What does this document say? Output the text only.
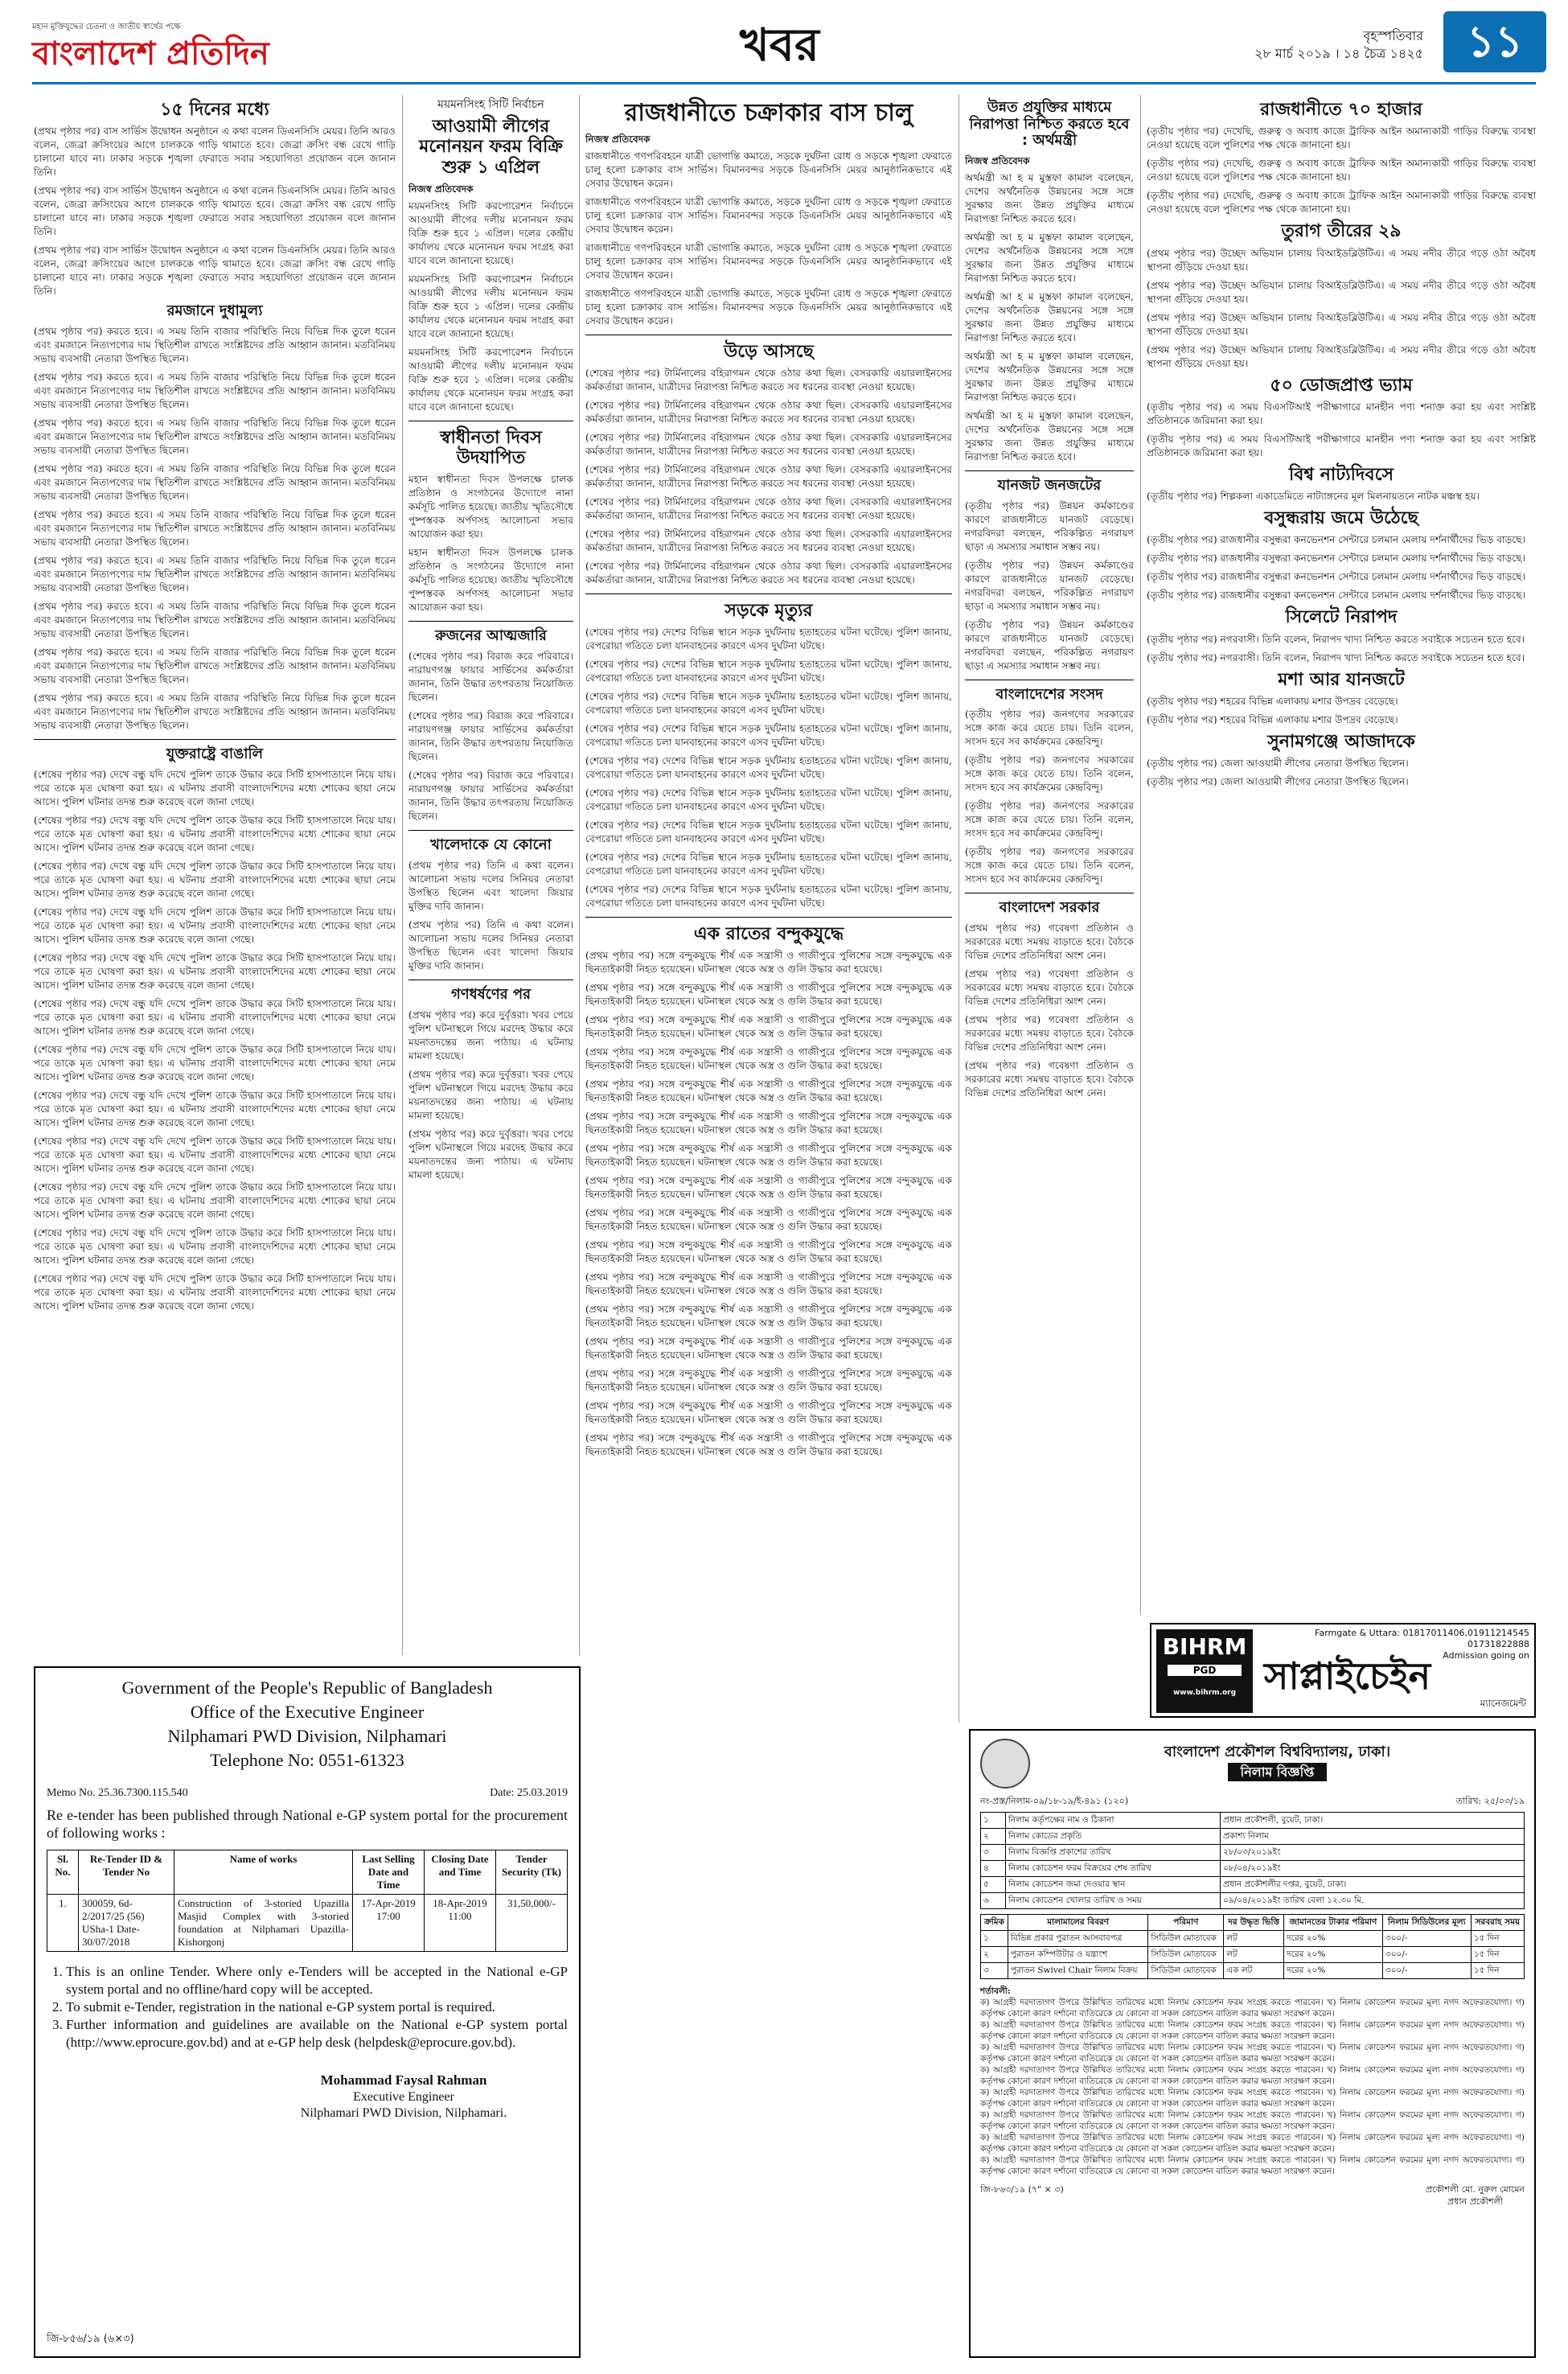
মহান মুক্তিযুদ্ধের চেতনা ও জাতীয় স্বার্থের পক্ষে
বাংলাদেশ প্রতিদিন	খবর	বৃহস্পতিবার
২৮ মার্চ ২০১৯ । ১৪ চৈত্র ১৪২৫ ১১
১৫ দিনের মধ্যে

(প্রথম পৃষ্ঠার পর) বাস সার্ভিস উদ্বোধন অনুষ্ঠানে এ কথা বলেন ডিএনসিসি মেয়র। তিনি আরও বলেন, জেব্রা ক্রসিংয়ের আগে চালককে গাড়ি থামাতে হবে। জেব্রা ক্রসিং বন্ধ রেখে গাড়ি চালানো যাবে না। ঢাকার সড়কে শৃঙ্খলা ফেরাতে সবার সহযোগিতা প্রয়োজন বলে জানান তিনি।

(প্রথম পৃষ্ঠার পর) বাস সার্ভিস উদ্বোধন অনুষ্ঠানে এ কথা বলেন ডিএনসিসি মেয়র। তিনি আরও বলেন, জেব্রা ক্রসিংয়ের আগে চালককে গাড়ি থামাতে হবে। জেব্রা ক্রসিং বন্ধ রেখে গাড়ি চালানো যাবে না। ঢাকার সড়কে শৃঙ্খলা ফেরাতে সবার সহযোগিতা প্রয়োজন বলে জানান তিনি।

(প্রথম পৃষ্ঠার পর) বাস সার্ভিস উদ্বোধন অনুষ্ঠানে এ কথা বলেন ডিএনসিসি মেয়র। তিনি আরও বলেন, জেব্রা ক্রসিংয়ের আগে চালককে গাড়ি থামাতে হবে। জেব্রা ক্রসিং বন্ধ রেখে গাড়ি চালানো যাবে না। ঢাকার সড়কে শৃঙ্খলা ফেরাতে সবার সহযোগিতা প্রয়োজন বলে জানান তিনি।

রমজানে দুধামুল্য

(প্রথম পৃষ্ঠার পর) করতে হবে। এ সময় তিনি বাজার পরিস্থিতি নিয়ে বিভিন্ন দিক তুলে ধরেন এবং রমজানে নিত্যপণ্যের দাম স্থিতিশীল রাখতে সংশ্লিষ্টদের প্রতি আহ্বান জানান। মতবিনিময় সভায় ব্যবসায়ী নেতারা উপস্থিত ছিলেন।

(প্রথম পৃষ্ঠার পর) করতে হবে। এ সময় তিনি বাজার পরিস্থিতি নিয়ে বিভিন্ন দিক তুলে ধরেন এবং রমজানে নিত্যপণ্যের দাম স্থিতিশীল রাখতে সংশ্লিষ্টদের প্রতি আহ্বান জানান। মতবিনিময় সভায় ব্যবসায়ী নেতারা উপস্থিত ছিলেন।

(প্রথম পৃষ্ঠার পর) করতে হবে। এ সময় তিনি বাজার পরিস্থিতি নিয়ে বিভিন্ন দিক তুলে ধরেন এবং রমজানে নিত্যপণ্যের দাম স্থিতিশীল রাখতে সংশ্লিষ্টদের প্রতি আহ্বান জানান। মতবিনিময় সভায় ব্যবসায়ী নেতারা উপস্থিত ছিলেন।

(প্রথম পৃষ্ঠার পর) করতে হবে। এ সময় তিনি বাজার পরিস্থিতি নিয়ে বিভিন্ন দিক তুলে ধরেন এবং রমজানে নিত্যপণ্যের দাম স্থিতিশীল রাখতে সংশ্লিষ্টদের প্রতি আহ্বান জানান। মতবিনিময় সভায় ব্যবসায়ী নেতারা উপস্থিত ছিলেন।

(প্রথম পৃষ্ঠার পর) করতে হবে। এ সময় তিনি বাজার পরিস্থিতি নিয়ে বিভিন্ন দিক তুলে ধরেন এবং রমজানে নিত্যপণ্যের দাম স্থিতিশীল রাখতে সংশ্লিষ্টদের প্রতি আহ্বান জানান। মতবিনিময় সভায় ব্যবসায়ী নেতারা উপস্থিত ছিলেন।

(প্রথম পৃষ্ঠার পর) করতে হবে। এ সময় তিনি বাজার পরিস্থিতি নিয়ে বিভিন্ন দিক তুলে ধরেন এবং রমজানে নিত্যপণ্যের দাম স্থিতিশীল রাখতে সংশ্লিষ্টদের প্রতি আহ্বান জানান। মতবিনিময় সভায় ব্যবসায়ী নেতারা উপস্থিত ছিলেন।

(প্রথম পৃষ্ঠার পর) করতে হবে। এ সময় তিনি বাজার পরিস্থিতি নিয়ে বিভিন্ন দিক তুলে ধরেন এবং রমজানে নিত্যপণ্যের দাম স্থিতিশীল রাখতে সংশ্লিষ্টদের প্রতি আহ্বান জানান। মতবিনিময় সভায় ব্যবসায়ী নেতারা উপস্থিত ছিলেন।

(প্রথম পৃষ্ঠার পর) করতে হবে। এ সময় তিনি বাজার পরিস্থিতি নিয়ে বিভিন্ন দিক তুলে ধরেন এবং রমজানে নিত্যপণ্যের দাম স্থিতিশীল রাখতে সংশ্লিষ্টদের প্রতি আহ্বান জানান। মতবিনিময় সভায় ব্যবসায়ী নেতারা উপস্থিত ছিলেন।

(প্রথম পৃষ্ঠার পর) করতে হবে। এ সময় তিনি বাজার পরিস্থিতি নিয়ে বিভিন্ন দিক তুলে ধরেন এবং রমজানে নিত্যপণ্যের দাম স্থিতিশীল রাখতে সংশ্লিষ্টদের প্রতি আহ্বান জানান। মতবিনিময় সভায় ব্যবসায়ী নেতারা উপস্থিত ছিলেন।

যুক্তরাষ্ট্রে বাঙালি

(শেষের পৃষ্ঠার পর) দেখে বন্ধু যদি দেখে পুলিশ তাকে উদ্ধার করে সিটি হাসপাতালে নিয়ে যায়। পরে তাকে মৃত ঘোষণা করা হয়। এ ঘটনায় প্রবাসী বাংলাদেশিদের মধ্যে শোকের ছায়া নেমে আসে। পুলিশ ঘটনার তদন্ত শুরু করেছে বলে জানা গেছে।

(শেষের পৃষ্ঠার পর) দেখে বন্ধু যদি দেখে পুলিশ তাকে উদ্ধার করে সিটি হাসপাতালে নিয়ে যায়। পরে তাকে মৃত ঘোষণা করা হয়। এ ঘটনায় প্রবাসী বাংলাদেশিদের মধ্যে শোকের ছায়া নেমে আসে। পুলিশ ঘটনার তদন্ত শুরু করেছে বলে জানা গেছে।

(শেষের পৃষ্ঠার পর) দেখে বন্ধু যদি দেখে পুলিশ তাকে উদ্ধার করে সিটি হাসপাতালে নিয়ে যায়। পরে তাকে মৃত ঘোষণা করা হয়। এ ঘটনায় প্রবাসী বাংলাদেশিদের মধ্যে শোকের ছায়া নেমে আসে। পুলিশ ঘটনার তদন্ত শুরু করেছে বলে জানা গেছে।

(শেষের পৃষ্ঠার পর) দেখে বন্ধু যদি দেখে পুলিশ তাকে উদ্ধার করে সিটি হাসপাতালে নিয়ে যায়। পরে তাকে মৃত ঘোষণা করা হয়। এ ঘটনায় প্রবাসী বাংলাদেশিদের মধ্যে শোকের ছায়া নেমে আসে। পুলিশ ঘটনার তদন্ত শুরু করেছে বলে জানা গেছে।

(শেষের পৃষ্ঠার পর) দেখে বন্ধু যদি দেখে পুলিশ তাকে উদ্ধার করে সিটি হাসপাতালে নিয়ে যায়। পরে তাকে মৃত ঘোষণা করা হয়। এ ঘটনায় প্রবাসী বাংলাদেশিদের মধ্যে শোকের ছায়া নেমে আসে। পুলিশ ঘটনার তদন্ত শুরু করেছে বলে জানা গেছে।

(শেষের পৃষ্ঠার পর) দেখে বন্ধু যদি দেখে পুলিশ তাকে উদ্ধার করে সিটি হাসপাতালে নিয়ে যায়। পরে তাকে মৃত ঘোষণা করা হয়। এ ঘটনায় প্রবাসী বাংলাদেশিদের মধ্যে শোকের ছায়া নেমে আসে। পুলিশ ঘটনার তদন্ত শুরু করেছে বলে জানা গেছে।

(শেষের পৃষ্ঠার পর) দেখে বন্ধু যদি দেখে পুলিশ তাকে উদ্ধার করে সিটি হাসপাতালে নিয়ে যায়। পরে তাকে মৃত ঘোষণা করা হয়। এ ঘটনায় প্রবাসী বাংলাদেশিদের মধ্যে শোকের ছায়া নেমে আসে। পুলিশ ঘটনার তদন্ত শুরু করেছে বলে জানা গেছে।

(শেষের পৃষ্ঠার পর) দেখে বন্ধু যদি দেখে পুলিশ তাকে উদ্ধার করে সিটি হাসপাতালে নিয়ে যায়। পরে তাকে মৃত ঘোষণা করা হয়। এ ঘটনায় প্রবাসী বাংলাদেশিদের মধ্যে শোকের ছায়া নেমে আসে। পুলিশ ঘটনার তদন্ত শুরু করেছে বলে জানা গেছে।

(শেষের পৃষ্ঠার পর) দেখে বন্ধু যদি দেখে পুলিশ তাকে উদ্ধার করে সিটি হাসপাতালে নিয়ে যায়। পরে তাকে মৃত ঘোষণা করা হয়। এ ঘটনায় প্রবাসী বাংলাদেশিদের মধ্যে শোকের ছায়া নেমে আসে। পুলিশ ঘটনার তদন্ত শুরু করেছে বলে জানা গেছে।

(শেষের পৃষ্ঠার পর) দেখে বন্ধু যদি দেখে পুলিশ তাকে উদ্ধার করে সিটি হাসপাতালে নিয়ে যায়। পরে তাকে মৃত ঘোষণা করা হয়। এ ঘটনায় প্রবাসী বাংলাদেশিদের মধ্যে শোকের ছায়া নেমে আসে। পুলিশ ঘটনার তদন্ত শুরু করেছে বলে জানা গেছে।

(শেষের পৃষ্ঠার পর) দেখে বন্ধু যদি দেখে পুলিশ তাকে উদ্ধার করে সিটি হাসপাতালে নিয়ে যায়। পরে তাকে মৃত ঘোষণা করা হয়। এ ঘটনায় প্রবাসী বাংলাদেশিদের মধ্যে শোকের ছায়া নেমে আসে। পুলিশ ঘটনার তদন্ত শুরু করেছে বলে জানা গেছে।

(শেষের পৃষ্ঠার পর) দেখে বন্ধু যদি দেখে পুলিশ তাকে উদ্ধার করে সিটি হাসপাতালে নিয়ে যায়। পরে তাকে মৃত ঘোষণা করা হয়। এ ঘটনায় প্রবাসী বাংলাদেশিদের মধ্যে শোকের ছায়া নেমে আসে। পুলিশ ঘটনার তদন্ত শুরু করেছে বলে জানা গেছে।

ময়মনসিংহ সিটি নির্বাচন
আওয়ামী লীগের মনোনয়ন ফরম বিক্রি শুরু ১ এপ্রিল
নিজস্ব প্রতিবেদক

ময়মনসিংহ সিটি করপোরেশন নির্বাচনে আওয়ামী লীগের দলীয় মনোনয়ন ফরম বিক্রি শুরু হবে ১ এপ্রিল। দলের কেন্দ্রীয় কার্যালয় থেকে মনোনয়ন ফরম সংগ্রহ করা যাবে বলে জানানো হয়েছে।

ময়মনসিংহ সিটি করপোরেশন নির্বাচনে আওয়ামী লীগের দলীয় মনোনয়ন ফরম বিক্রি শুরু হবে ১ এপ্রিল। দলের কেন্দ্রীয় কার্যালয় থেকে মনোনয়ন ফরম সংগ্রহ করা যাবে বলে জানানো হয়েছে।

ময়মনসিংহ সিটি করপোরেশন নির্বাচনে আওয়ামী লীগের দলীয় মনোনয়ন ফরম বিক্রি শুরু হবে ১ এপ্রিল। দলের কেন্দ্রীয় কার্যালয় থেকে মনোনয়ন ফরম সংগ্রহ করা যাবে বলে জানানো হয়েছে।

স্বাধীনতা দিবস উদযাপিত

মহান স্বাধীনতা দিবস উপলক্ষে চালক প্রতিষ্ঠান ও সংগঠনের উদ্যোগে নানা কর্মসূচি পালিত হয়েছে। জাতীয় স্মৃতিসৌধে পুষ্পস্তবক অর্পণসহ আলোচনা সভার আয়োজন করা হয়।

মহান স্বাধীনতা দিবস উপলক্ষে চালক প্রতিষ্ঠান ও সংগঠনের উদ্যোগে নানা কর্মসূচি পালিত হয়েছে। জাতীয় স্মৃতিসৌধে পুষ্পস্তবক অর্পণসহ আলোচনা সভার আয়োজন করা হয়।

রুজনের আত্মজারি

(শেষের পৃষ্ঠার পর) বিরাজ করে পরিবারে। নারায়ণগঞ্জ ফায়ার সার্ভিসের কর্মকর্তারা জানান, তিনি উদ্ধার তৎপরতায় নিয়োজিত ছিলেন।

(শেষের পৃষ্ঠার পর) বিরাজ করে পরিবারে। নারায়ণগঞ্জ ফায়ার সার্ভিসের কর্মকর্তারা জানান, তিনি উদ্ধার তৎপরতায় নিয়োজিত ছিলেন।

(শেষের পৃষ্ঠার পর) বিরাজ করে পরিবারে। নারায়ণগঞ্জ ফায়ার সার্ভিসের কর্মকর্তারা জানান, তিনি উদ্ধার তৎপরতায় নিয়োজিত ছিলেন।

খালেদাকে যে কোনো

(প্রথম পৃষ্ঠার পর) তিনি এ কথা বলেন। আলোচনা সভায় দলের সিনিয়র নেতারা উপস্থিত ছিলেন এবং খালেদা জিয়ার মুক্তির দাবি জানান।

(প্রথম পৃষ্ঠার পর) তিনি এ কথা বলেন। আলোচনা সভায় দলের সিনিয়র নেতারা উপস্থিত ছিলেন এবং খালেদা জিয়ার মুক্তির দাবি জানান।

গণধর্ষণের পর

(প্রথম পৃষ্ঠার পর) করে দুর্বৃত্তরা। খবর পেয়ে পুলিশ ঘটনাস্থলে গিয়ে মরদেহ উদ্ধার করে ময়নাতদন্তের জন্য পাঠায়। এ ঘটনায় মামলা হয়েছে।

(প্রথম পৃষ্ঠার পর) করে দুর্বৃত্তরা। খবর পেয়ে পুলিশ ঘটনাস্থলে গিয়ে মরদেহ উদ্ধার করে ময়নাতদন্তের জন্য পাঠায়। এ ঘটনায় মামলা হয়েছে।

(প্রথম পৃষ্ঠার পর) করে দুর্বৃত্তরা। খবর পেয়ে পুলিশ ঘটনাস্থলে গিয়ে মরদেহ উদ্ধার করে ময়নাতদন্তের জন্য পাঠায়। এ ঘটনায় মামলা হয়েছে।

রাজধানীতে চক্রাকার বাস চালু
নিজস্ব প্রতিবেদক

রাজধানীতে গণপরিবহনে যাত্রী ভোগান্তি কমাতে, সড়কে দুর্ঘটনা রোধ ও সড়কে শৃঙ্খলা ফেরাতে চালু হলো চক্রাকার বাস সার্ভিস। বিমানবন্দর সড়কে ডিএনসিসি মেয়র আনুষ্ঠানিকভাবে এই সেবার উদ্বোধন করেন।

রাজধানীতে গণপরিবহনে যাত্রী ভোগান্তি কমাতে, সড়কে দুর্ঘটনা রোধ ও সড়কে শৃঙ্খলা ফেরাতে চালু হলো চক্রাকার বাস সার্ভিস। বিমানবন্দর সড়কে ডিএনসিসি মেয়র আনুষ্ঠানিকভাবে এই সেবার উদ্বোধন করেন।

রাজধানীতে গণপরিবহনে যাত্রী ভোগান্তি কমাতে, সড়কে দুর্ঘটনা রোধ ও সড়কে শৃঙ্খলা ফেরাতে চালু হলো চক্রাকার বাস সার্ভিস। বিমানবন্দর সড়কে ডিএনসিসি মেয়র আনুষ্ঠানিকভাবে এই সেবার উদ্বোধন করেন।

রাজধানীতে গণপরিবহনে যাত্রী ভোগান্তি কমাতে, সড়কে দুর্ঘটনা রোধ ও সড়কে শৃঙ্খলা ফেরাতে চালু হলো চক্রাকার বাস সার্ভিস। বিমানবন্দর সড়কে ডিএনসিসি মেয়র আনুষ্ঠানিকভাবে এই সেবার উদ্বোধন করেন।

উড়ে আসছে

(শেষের পৃষ্ঠার পর) টার্মিনালের বহিরাগমন থেকে ওঠার কথা ছিল। বেসরকারি এয়ারলাইনসের কর্মকর্তারা জানান, যাত্রীদের নিরাপত্তা নিশ্চিত করতে সব ধরনের ব্যবস্থা নেওয়া হয়েছে।

(শেষের পৃষ্ঠার পর) টার্মিনালের বহিরাগমন থেকে ওঠার কথা ছিল। বেসরকারি এয়ারলাইনসের কর্মকর্তারা জানান, যাত্রীদের নিরাপত্তা নিশ্চিত করতে সব ধরনের ব্যবস্থা নেওয়া হয়েছে।

(শেষের পৃষ্ঠার পর) টার্মিনালের বহিরাগমন থেকে ওঠার কথা ছিল। বেসরকারি এয়ারলাইনসের কর্মকর্তারা জানান, যাত্রীদের নিরাপত্তা নিশ্চিত করতে সব ধরনের ব্যবস্থা নেওয়া হয়েছে।

(শেষের পৃষ্ঠার পর) টার্মিনালের বহিরাগমন থেকে ওঠার কথা ছিল। বেসরকারি এয়ারলাইনসের কর্মকর্তারা জানান, যাত্রীদের নিরাপত্তা নিশ্চিত করতে সব ধরনের ব্যবস্থা নেওয়া হয়েছে।

(শেষের পৃষ্ঠার পর) টার্মিনালের বহিরাগমন থেকে ওঠার কথা ছিল। বেসরকারি এয়ারলাইনসের কর্মকর্তারা জানান, যাত্রীদের নিরাপত্তা নিশ্চিত করতে সব ধরনের ব্যবস্থা নেওয়া হয়েছে।

(শেষের পৃষ্ঠার পর) টার্মিনালের বহিরাগমন থেকে ওঠার কথা ছিল। বেসরকারি এয়ারলাইনসের কর্মকর্তারা জানান, যাত্রীদের নিরাপত্তা নিশ্চিত করতে সব ধরনের ব্যবস্থা নেওয়া হয়েছে।

(শেষের পৃষ্ঠার পর) টার্মিনালের বহিরাগমন থেকে ওঠার কথা ছিল। বেসরকারি এয়ারলাইনসের কর্মকর্তারা জানান, যাত্রীদের নিরাপত্তা নিশ্চিত করতে সব ধরনের ব্যবস্থা নেওয়া হয়েছে।

সড়কে মৃত্যুর

(শেষের পৃষ্ঠার পর) দেশের বিভিন্ন স্থানে সড়ক দুর্ঘটনায় হতাহতের ঘটনা ঘটেছে। পুলিশ জানায়, বেপরোয়া গতিতে চলা যানবাহনের কারণে এসব দুর্ঘটনা ঘটছে।

(শেষের পৃষ্ঠার পর) দেশের বিভিন্ন স্থানে সড়ক দুর্ঘটনায় হতাহতের ঘটনা ঘটেছে। পুলিশ জানায়, বেপরোয়া গতিতে চলা যানবাহনের কারণে এসব দুর্ঘটনা ঘটছে।

(শেষের পৃষ্ঠার পর) দেশের বিভিন্ন স্থানে সড়ক দুর্ঘটনায় হতাহতের ঘটনা ঘটেছে। পুলিশ জানায়, বেপরোয়া গতিতে চলা যানবাহনের কারণে এসব দুর্ঘটনা ঘটছে।

(শেষের পৃষ্ঠার পর) দেশের বিভিন্ন স্থানে সড়ক দুর্ঘটনায় হতাহতের ঘটনা ঘটেছে। পুলিশ জানায়, বেপরোয়া গতিতে চলা যানবাহনের কারণে এসব দুর্ঘটনা ঘটছে।

(শেষের পৃষ্ঠার পর) দেশের বিভিন্ন স্থানে সড়ক দুর্ঘটনায় হতাহতের ঘটনা ঘটেছে। পুলিশ জানায়, বেপরোয়া গতিতে চলা যানবাহনের কারণে এসব দুর্ঘটনা ঘটছে।

(শেষের পৃষ্ঠার পর) দেশের বিভিন্ন স্থানে সড়ক দুর্ঘটনায় হতাহতের ঘটনা ঘটেছে। পুলিশ জানায়, বেপরোয়া গতিতে চলা যানবাহনের কারণে এসব দুর্ঘটনা ঘটছে।

(শেষের পৃষ্ঠার পর) দেশের বিভিন্ন স্থানে সড়ক দুর্ঘটনায় হতাহতের ঘটনা ঘটেছে। পুলিশ জানায়, বেপরোয়া গতিতে চলা যানবাহনের কারণে এসব দুর্ঘটনা ঘটছে।

(শেষের পৃষ্ঠার পর) দেশের বিভিন্ন স্থানে সড়ক দুর্ঘটনায় হতাহতের ঘটনা ঘটেছে। পুলিশ জানায়, বেপরোয়া গতিতে চলা যানবাহনের কারণে এসব দুর্ঘটনা ঘটছে।

(শেষের পৃষ্ঠার পর) দেশের বিভিন্ন স্থানে সড়ক দুর্ঘটনায় হতাহতের ঘটনা ঘটেছে। পুলিশ জানায়, বেপরোয়া গতিতে চলা যানবাহনের কারণে এসব দুর্ঘটনা ঘটছে।

এক রাতের বন্দুকযুদ্ধে

(প্রথম পৃষ্ঠার পর) সঙ্গে বন্দুকযুদ্ধে শীর্ষ এক সন্ত্রাসী ও গাজীপুরে পুলিশের সঙ্গে বন্দুকযুদ্ধে এক ছিনতাইকারী নিহত হয়েছেন। ঘটনাস্থল থেকে অস্ত্র ও গুলি উদ্ধার করা হয়েছে।

(প্রথম পৃষ্ঠার পর) সঙ্গে বন্দুকযুদ্ধে শীর্ষ এক সন্ত্রাসী ও গাজীপুরে পুলিশের সঙ্গে বন্দুকযুদ্ধে এক ছিনতাইকারী নিহত হয়েছেন। ঘটনাস্থল থেকে অস্ত্র ও গুলি উদ্ধার করা হয়েছে।

(প্রথম পৃষ্ঠার পর) সঙ্গে বন্দুকযুদ্ধে শীর্ষ এক সন্ত্রাসী ও গাজীপুরে পুলিশের সঙ্গে বন্দুকযুদ্ধে এক ছিনতাইকারী নিহত হয়েছেন। ঘটনাস্থল থেকে অস্ত্র ও গুলি উদ্ধার করা হয়েছে।

(প্রথম পৃষ্ঠার পর) সঙ্গে বন্দুকযুদ্ধে শীর্ষ এক সন্ত্রাসী ও গাজীপুরে পুলিশের সঙ্গে বন্দুকযুদ্ধে এক ছিনতাইকারী নিহত হয়েছেন। ঘটনাস্থল থেকে অস্ত্র ও গুলি উদ্ধার করা হয়েছে।

(প্রথম পৃষ্ঠার পর) সঙ্গে বন্দুকযুদ্ধে শীর্ষ এক সন্ত্রাসী ও গাজীপুরে পুলিশের সঙ্গে বন্দুকযুদ্ধে এক ছিনতাইকারী নিহত হয়েছেন। ঘটনাস্থল থেকে অস্ত্র ও গুলি উদ্ধার করা হয়েছে।

(প্রথম পৃষ্ঠার পর) সঙ্গে বন্দুকযুদ্ধে শীর্ষ এক সন্ত্রাসী ও গাজীপুরে পুলিশের সঙ্গে বন্দুকযুদ্ধে এক ছিনতাইকারী নিহত হয়েছেন। ঘটনাস্থল থেকে অস্ত্র ও গুলি উদ্ধার করা হয়েছে।

(প্রথম পৃষ্ঠার পর) সঙ্গে বন্দুকযুদ্ধে শীর্ষ এক সন্ত্রাসী ও গাজীপুরে পুলিশের সঙ্গে বন্দুকযুদ্ধে এক ছিনতাইকারী নিহত হয়েছেন। ঘটনাস্থল থেকে অস্ত্র ও গুলি উদ্ধার করা হয়েছে।

(প্রথম পৃষ্ঠার পর) সঙ্গে বন্দুকযুদ্ধে শীর্ষ এক সন্ত্রাসী ও গাজীপুরে পুলিশের সঙ্গে বন্দুকযুদ্ধে এক ছিনতাইকারী নিহত হয়েছেন। ঘটনাস্থল থেকে অস্ত্র ও গুলি উদ্ধার করা হয়েছে।

(প্রথম পৃষ্ঠার পর) সঙ্গে বন্দুকযুদ্ধে শীর্ষ এক সন্ত্রাসী ও গাজীপুরে পুলিশের সঙ্গে বন্দুকযুদ্ধে এক ছিনতাইকারী নিহত হয়েছেন। ঘটনাস্থল থেকে অস্ত্র ও গুলি উদ্ধার করা হয়েছে।

(প্রথম পৃষ্ঠার পর) সঙ্গে বন্দুকযুদ্ধে শীর্ষ এক সন্ত্রাসী ও গাজীপুরে পুলিশের সঙ্গে বন্দুকযুদ্ধে এক ছিনতাইকারী নিহত হয়েছেন। ঘটনাস্থল থেকে অস্ত্র ও গুলি উদ্ধার করা হয়েছে।

(প্রথম পৃষ্ঠার পর) সঙ্গে বন্দুকযুদ্ধে শীর্ষ এক সন্ত্রাসী ও গাজীপুরে পুলিশের সঙ্গে বন্দুকযুদ্ধে এক ছিনতাইকারী নিহত হয়েছেন। ঘটনাস্থল থেকে অস্ত্র ও গুলি উদ্ধার করা হয়েছে।

(প্রথম পৃষ্ঠার পর) সঙ্গে বন্দুকযুদ্ধে শীর্ষ এক সন্ত্রাসী ও গাজীপুরে পুলিশের সঙ্গে বন্দুকযুদ্ধে এক ছিনতাইকারী নিহত হয়েছেন। ঘটনাস্থল থেকে অস্ত্র ও গুলি উদ্ধার করা হয়েছে।

(প্রথম পৃষ্ঠার পর) সঙ্গে বন্দুকযুদ্ধে শীর্ষ এক সন্ত্রাসী ও গাজীপুরে পুলিশের সঙ্গে বন্দুকযুদ্ধে এক ছিনতাইকারী নিহত হয়েছেন। ঘটনাস্থল থেকে অস্ত্র ও গুলি উদ্ধার করা হয়েছে।

(প্রথম পৃষ্ঠার পর) সঙ্গে বন্দুকযুদ্ধে শীর্ষ এক সন্ত্রাসী ও গাজীপুরে পুলিশের সঙ্গে বন্দুকযুদ্ধে এক ছিনতাইকারী নিহত হয়েছেন। ঘটনাস্থল থেকে অস্ত্র ও গুলি উদ্ধার করা হয়েছে।

(প্রথম পৃষ্ঠার পর) সঙ্গে বন্দুকযুদ্ধে শীর্ষ এক সন্ত্রাসী ও গাজীপুরে পুলিশের সঙ্গে বন্দুকযুদ্ধে এক ছিনতাইকারী নিহত হয়েছেন। ঘটনাস্থল থেকে অস্ত্র ও গুলি উদ্ধার করা হয়েছে।

(প্রথম পৃষ্ঠার পর) সঙ্গে বন্দুকযুদ্ধে শীর্ষ এক সন্ত্রাসী ও গাজীপুরে পুলিশের সঙ্গে বন্দুকযুদ্ধে এক ছিনতাইকারী নিহত হয়েছেন। ঘটনাস্থল থেকে অস্ত্র ও গুলি উদ্ধার করা হয়েছে।

উন্নত প্রযুক্তির মাধ্যমে নিরাপত্তা নিশ্চিত করতে হবে : অর্থমন্ত্রী
নিজস্ব প্রতিবেদক

অর্থমন্ত্রী আ হ ম মুস্তফা কামাল বলেছেন, দেশের অর্থনৈতিক উন্নয়নের সঙ্গে সঙ্গে সুরক্ষার জন্য উন্নত প্রযুক্তির মাধ্যমে নিরাপত্তা নিশ্চিত করতে হবে।

অর্থমন্ত্রী আ হ ম মুস্তফা কামাল বলেছেন, দেশের অর্থনৈতিক উন্নয়নের সঙ্গে সঙ্গে সুরক্ষার জন্য উন্নত প্রযুক্তির মাধ্যমে নিরাপত্তা নিশ্চিত করতে হবে।

অর্থমন্ত্রী আ হ ম মুস্তফা কামাল বলেছেন, দেশের অর্থনৈতিক উন্নয়নের সঙ্গে সঙ্গে সুরক্ষার জন্য উন্নত প্রযুক্তির মাধ্যমে নিরাপত্তা নিশ্চিত করতে হবে।

অর্থমন্ত্রী আ হ ম মুস্তফা কামাল বলেছেন, দেশের অর্থনৈতিক উন্নয়নের সঙ্গে সঙ্গে সুরক্ষার জন্য উন্নত প্রযুক্তির মাধ্যমে নিরাপত্তা নিশ্চিত করতে হবে।

অর্থমন্ত্রী আ হ ম মুস্তফা কামাল বলেছেন, দেশের অর্থনৈতিক উন্নয়নের সঙ্গে সঙ্গে সুরক্ষার জন্য উন্নত প্রযুক্তির মাধ্যমে নিরাপত্তা নিশ্চিত করতে হবে।

যানজট জনজটের

(তৃতীয় পৃষ্ঠার পর) উন্নয়ন কর্মকাণ্ডের কারণে রাজধানীতে যানজট বেড়েছে। নগরবিদরা বলছেন, পরিকল্পিত নগরায়ণ ছাড়া এ সমস্যার সমাধান সম্ভব নয়।

(তৃতীয় পৃষ্ঠার পর) উন্নয়ন কর্মকাণ্ডের কারণে রাজধানীতে যানজট বেড়েছে। নগরবিদরা বলছেন, পরিকল্পিত নগরায়ণ ছাড়া এ সমস্যার সমাধান সম্ভব নয়।

(তৃতীয় পৃষ্ঠার পর) উন্নয়ন কর্মকাণ্ডের কারণে রাজধানীতে যানজট বেড়েছে। নগরবিদরা বলছেন, পরিকল্পিত নগরায়ণ ছাড়া এ সমস্যার সমাধান সম্ভব নয়।

বাংলাদেশের সংসদ

(তৃতীয় পৃষ্ঠার পর) জনগণের সরকারের সঙ্গে কাজ করে যেতে চায়। তিনি বলেন, সংসদ হবে সব কার্যক্রমের কেন্দ্রবিন্দু।

(তৃতীয় পৃষ্ঠার পর) জনগণের সরকারের সঙ্গে কাজ করে যেতে চায়। তিনি বলেন, সংসদ হবে সব কার্যক্রমের কেন্দ্রবিন্দু।

(তৃতীয় পৃষ্ঠার পর) জনগণের সরকারের সঙ্গে কাজ করে যেতে চায়। তিনি বলেন, সংসদ হবে সব কার্যক্রমের কেন্দ্রবিন্দু।

(তৃতীয় পৃষ্ঠার পর) জনগণের সরকারের সঙ্গে কাজ করে যেতে চায়। তিনি বলেন, সংসদ হবে সব কার্যক্রমের কেন্দ্রবিন্দু।

বাংলাদেশ সরকার

(প্রথম পৃষ্ঠার পর) গবেষণা প্রতিষ্ঠান ও সরকারের মধ্যে সমন্বয় বাড়াতে হবে। বৈঠকে বিভিন্ন দেশের প্রতিনিধিরা অংশ নেন।

(প্রথম পৃষ্ঠার পর) গবেষণা প্রতিষ্ঠান ও সরকারের মধ্যে সমন্বয় বাড়াতে হবে। বৈঠকে বিভিন্ন দেশের প্রতিনিধিরা অংশ নেন।

(প্রথম পৃষ্ঠার পর) গবেষণা প্রতিষ্ঠান ও সরকারের মধ্যে সমন্বয় বাড়াতে হবে। বৈঠকে বিভিন্ন দেশের প্রতিনিধিরা অংশ নেন।

(প্রথম পৃষ্ঠার পর) গবেষণা প্রতিষ্ঠান ও সরকারের মধ্যে সমন্বয় বাড়াতে হবে। বৈঠকে বিভিন্ন দেশের প্রতিনিধিরা অংশ নেন।

রাজধানীতে ৭০ হাজার

(তৃতীয় পৃষ্ঠার পর) দেখেছি, গুরুত্ব ও অবাধ কাজে ট্রাফিক আইন অমান্যকারী গাড়ির বিরুদ্ধে ব্যবস্থা নেওয়া হয়েছে বলে পুলিশের পক্ষ থেকে জানানো হয়।

(তৃতীয় পৃষ্ঠার পর) দেখেছি, গুরুত্ব ও অবাধ কাজে ট্রাফিক আইন অমান্যকারী গাড়ির বিরুদ্ধে ব্যবস্থা নেওয়া হয়েছে বলে পুলিশের পক্ষ থেকে জানানো হয়।

(তৃতীয় পৃষ্ঠার পর) দেখেছি, গুরুত্ব ও অবাধ কাজে ট্রাফিক আইন অমান্যকারী গাড়ির বিরুদ্ধে ব্যবস্থা নেওয়া হয়েছে বলে পুলিশের পক্ষ থেকে জানানো হয়।

তুরাগ তীরের ২৯

(প্রথম পৃষ্ঠার পর) উচ্ছেদ অভিযান চালায় বিআইডব্লিউটিএ। এ সময় নদীর তীরে গড়ে ওঠা অবৈধ স্থাপনা গুঁড়িয়ে দেওয়া হয়।

(প্রথম পৃষ্ঠার পর) উচ্ছেদ অভিযান চালায় বিআইডব্লিউটিএ। এ সময় নদীর তীরে গড়ে ওঠা অবৈধ স্থাপনা গুঁড়িয়ে দেওয়া হয়।

(প্রথম পৃষ্ঠার পর) উচ্ছেদ অভিযান চালায় বিআইডব্লিউটিএ। এ সময় নদীর তীরে গড়ে ওঠা অবৈধ স্থাপনা গুঁড়িয়ে দেওয়া হয়।

(প্রথম পৃষ্ঠার পর) উচ্ছেদ অভিযান চালায় বিআইডব্লিউটিএ। এ সময় নদীর তীরে গড়ে ওঠা অবৈধ স্থাপনা গুঁড়িয়ে দেওয়া হয়।

৫০ ডোজপ্রাপ্ত ভ্যাম

(তৃতীয় পৃষ্ঠার পর) এ সময় বিএসটিআই পরীক্ষাগারে মানহীন পণ্য শনাক্ত করা হয় এবং সংশ্লিষ্ট প্রতিষ্ঠানকে জরিমানা করা হয়।

(তৃতীয় পৃষ্ঠার পর) এ সময় বিএসটিআই পরীক্ষাগারে মানহীন পণ্য শনাক্ত করা হয় এবং সংশ্লিষ্ট প্রতিষ্ঠানকে জরিমানা করা হয়।

বিশ্ব নাট্যদিবসে

(তৃতীয় পৃষ্ঠার পর) শিল্পকলা একাডেমিতে নাট্যাঙ্গনের মূল মিলনায়তনে নাটক মঞ্চস্থ হয়।

বসুন্ধরায় জমে উঠেছে

(তৃতীয় পৃষ্ঠার পর) রাজধানীর বসুন্ধরা কনভেনশন সেন্টারে চলমান মেলায় দর্শনার্থীদের ভিড় বাড়ছে।

(তৃতীয় পৃষ্ঠার পর) রাজধানীর বসুন্ধরা কনভেনশন সেন্টারে চলমান মেলায় দর্শনার্থীদের ভিড় বাড়ছে।

(তৃতীয় পৃষ্ঠার পর) রাজধানীর বসুন্ধরা কনভেনশন সেন্টারে চলমান মেলায় দর্শনার্থীদের ভিড় বাড়ছে।

(তৃতীয় পৃষ্ঠার পর) রাজধানীর বসুন্ধরা কনভেনশন সেন্টারে চলমান মেলায় দর্শনার্থীদের ভিড় বাড়ছে।

সিলেটে নিরাপদ

(তৃতীয় পৃষ্ঠার পর) নগরবাসী। তিনি বলেন, নিরাপদ খাদ্য নিশ্চিত করতে সবাইকে সচেতন হতে হবে।

(তৃতীয় পৃষ্ঠার পর) নগরবাসী। তিনি বলেন, নিরাপদ খাদ্য নিশ্চিত করতে সবাইকে সচেতন হতে হবে।

মশা আর যানজটে

(তৃতীয় পৃষ্ঠার পর) শহরের বিভিন্ন এলাকায় মশার উপদ্রব বেড়েছে।

(তৃতীয় পৃষ্ঠার পর) শহরের বিভিন্ন এলাকায় মশার উপদ্রব বেড়েছে।

সুনামগঞ্জে আজাদকে

(তৃতীয় পৃষ্ঠার পর) জেলা আওয়ামী লীগের নেতারা উপস্থিত ছিলেন।

(তৃতীয় পৃষ্ঠার পর) জেলা আওয়ামী লীগের নেতারা উপস্থিত ছিলেন।

Government of the People's Republic of Bangladesh
Office of the Executive Engineer
Nilphamari PWD Division, Nilphamari
Telephone No: 0551-61323
Memo No. 25.36.7300.115.540	Date: 25.03.2019
Re e-tender has been published through National e-GP system portal for the procurement of following works :
Sl. No.	Re-Tender ID & Tender No	Name of works	Last Selling Date and Time	Closing Date and Time	Tender Security (Tk)
1.	300059, 6d-2/2017/25 (56) USha-1 Date-30/07/2018	Construction of 3-storied Upazilla Masjid Complex with 3-storied foundation at Nilphamari Upazilla-Kishorgonj	17-Apr-2019 17:00	18-Apr-2019 11:00	31,50,000/-
1. This is an online Tender. Where only e-Tenders will be accepted in the National e-GP system portal and no offline/hard copy will be accepted.
2. To submit e-Tender, registration in the national e-GP system portal is required.
3. Further information and guidelines are available on the National e-GP system portal (http://www.eprocure.gov.bd) and at e-GP help desk (helpdesk@eprocure.gov.bd).
Mohammad Faysal Rahman
Executive Engineer
Nilphamari PWD Division, Nilphamari.
জি-৮৫৬/১৯ (৬×৩)
BIHRM
PGD
www.bihrm.org
Farmgate & Uttara: 01817011406,01911214545
01731822888
Admission going on
সাপ্লাইচেইন
ম্যানেজমেন্ট
বাংলাদেশ প্রকৌশল বিশ্ববিদ্যালয়, ঢাকা।
নিলাম বিজ্ঞপ্তি
নং-প্রস্ত/নিলাম-০৯/১৮-১৯/ই-৪৯১ (১২০)	তারিখ: ২৫/০৩/১৯
১	নিলাম কর্তৃপক্ষের নাম ও ঠিকানা	প্রধান প্রকৌশলী, বুয়েট, ঢাকা।
২	নিলাম কোডের প্রকৃতি	প্রকাশ্য নিলাম
৩	নিলাম বিজ্ঞপ্তি প্রকাশের তারিখ	২৮/০৩/২০১৯ইং
৪	নিলাম কোডেশন ফরম বিক্রয়ের শেষ তারিখ	০৮/০৪/২০১৯ইং
৫	নিলাম কোডেশন জমা দেওয়ার স্থান	প্রধান প্রকৌশলীর দপ্তর, বুয়েট, ঢাকা।
৬	নিলাম কোডেশন খোলার তারিখ ও সময়	০৯/০৪/২০১৯ইং তারিখ বেলা ১২.৩০ মি.
ক্রমিক	মালামালের বিবরণ	পরিমাণ	দর উদ্ধৃত ভিত্তি	জামানতের টাকার পরিমাণ	নিলাম সিডিউলের মূল্য	সরবরাহ সময়
১	বিভিন্ন প্রকার পুরাতন আসবাবপত্র	সিডিউল মোতাবেক	লট	দরের ২০%	৩০০/-	১৫ দিন
২	পুরাতন কম্পিউটার ও যন্ত্রাংশ	সিডিউল মোতাবেক	লট	দরের ২০%	৩০০/-	১৫ দিন
৩	পুরাতন Swivel Chair নিলাম বিক্রয়	সিডিউল মোতাবেক	এক লট	দরের ২০%	৩০০/-	১৫ দিন
শর্তাবলী:
ক) আগ্রহী দরদাতাগণ উপরে উল্লিখিত তারিখের মধ্যে নিলাম কোডেশন ফরম সংগ্রহ করতে পারবেন। খ) নিলাম কোডেশন ফরমের মূল্য নগদ অফেরতযোগ্য। গ) কর্তৃপক্ষ কোনো কারণ দর্শানো ব্যতিরেকে যে কোনো বা সকল কোডেশন বাতিল করার ক্ষমতা সংরক্ষণ করেন।
ক) আগ্রহী দরদাতাগণ উপরে উল্লিখিত তারিখের মধ্যে নিলাম কোডেশন ফরম সংগ্রহ করতে পারবেন। খ) নিলাম কোডেশন ফরমের মূল্য নগদ অফেরতযোগ্য। গ) কর্তৃপক্ষ কোনো কারণ দর্শানো ব্যতিরেকে যে কোনো বা সকল কোডেশন বাতিল করার ক্ষমতা সংরক্ষণ করেন।
ক) আগ্রহী দরদাতাগণ উপরে উল্লিখিত তারিখের মধ্যে নিলাম কোডেশন ফরম সংগ্রহ করতে পারবেন। খ) নিলাম কোডেশন ফরমের মূল্য নগদ অফেরতযোগ্য। গ) কর্তৃপক্ষ কোনো কারণ দর্শানো ব্যতিরেকে যে কোনো বা সকল কোডেশন বাতিল করার ক্ষমতা সংরক্ষণ করেন।
ক) আগ্রহী দরদাতাগণ উপরে উল্লিখিত তারিখের মধ্যে নিলাম কোডেশন ফরম সংগ্রহ করতে পারবেন। খ) নিলাম কোডেশন ফরমের মূল্য নগদ অফেরতযোগ্য। গ) কর্তৃপক্ষ কোনো কারণ দর্শানো ব্যতিরেকে যে কোনো বা সকল কোডেশন বাতিল করার ক্ষমতা সংরক্ষণ করেন।
ক) আগ্রহী দরদাতাগণ উপরে উল্লিখিত তারিখের মধ্যে নিলাম কোডেশন ফরম সংগ্রহ করতে পারবেন। খ) নিলাম কোডেশন ফরমের মূল্য নগদ অফেরতযোগ্য। গ) কর্তৃপক্ষ কোনো কারণ দর্শানো ব্যতিরেকে যে কোনো বা সকল কোডেশন বাতিল করার ক্ষমতা সংরক্ষণ করেন।
ক) আগ্রহী দরদাতাগণ উপরে উল্লিখিত তারিখের মধ্যে নিলাম কোডেশন ফরম সংগ্রহ করতে পারবেন। খ) নিলাম কোডেশন ফরমের মূল্য নগদ অফেরতযোগ্য। গ) কর্তৃপক্ষ কোনো কারণ দর্শানো ব্যতিরেকে যে কোনো বা সকল কোডেশন বাতিল করার ক্ষমতা সংরক্ষণ করেন।
ক) আগ্রহী দরদাতাগণ উপরে উল্লিখিত তারিখের মধ্যে নিলাম কোডেশন ফরম সংগ্রহ করতে পারবেন। খ) নিলাম কোডেশন ফরমের মূল্য নগদ অফেরতযোগ্য। গ) কর্তৃপক্ষ কোনো কারণ দর্শানো ব্যতিরেকে যে কোনো বা সকল কোডেশন বাতিল করার ক্ষমতা সংরক্ষণ করেন।
ক) আগ্রহী দরদাতাগণ উপরে উল্লিখিত তারিখের মধ্যে নিলাম কোডেশন ফরম সংগ্রহ করতে পারবেন। খ) নিলাম কোডেশন ফরমের মূল্য নগদ অফেরতযোগ্য। গ) কর্তৃপক্ষ কোনো কারণ দর্শানো ব্যতিরেকে যে কোনো বা সকল কোডেশন বাতিল করার ক্ষমতা সংরক্ষণ করেন।
জি-৮৬৩/১৯ (৭" × ৩)	প্রকৌশলী মো. নুরুল মোমেন
প্রধান প্রকৌশলী
